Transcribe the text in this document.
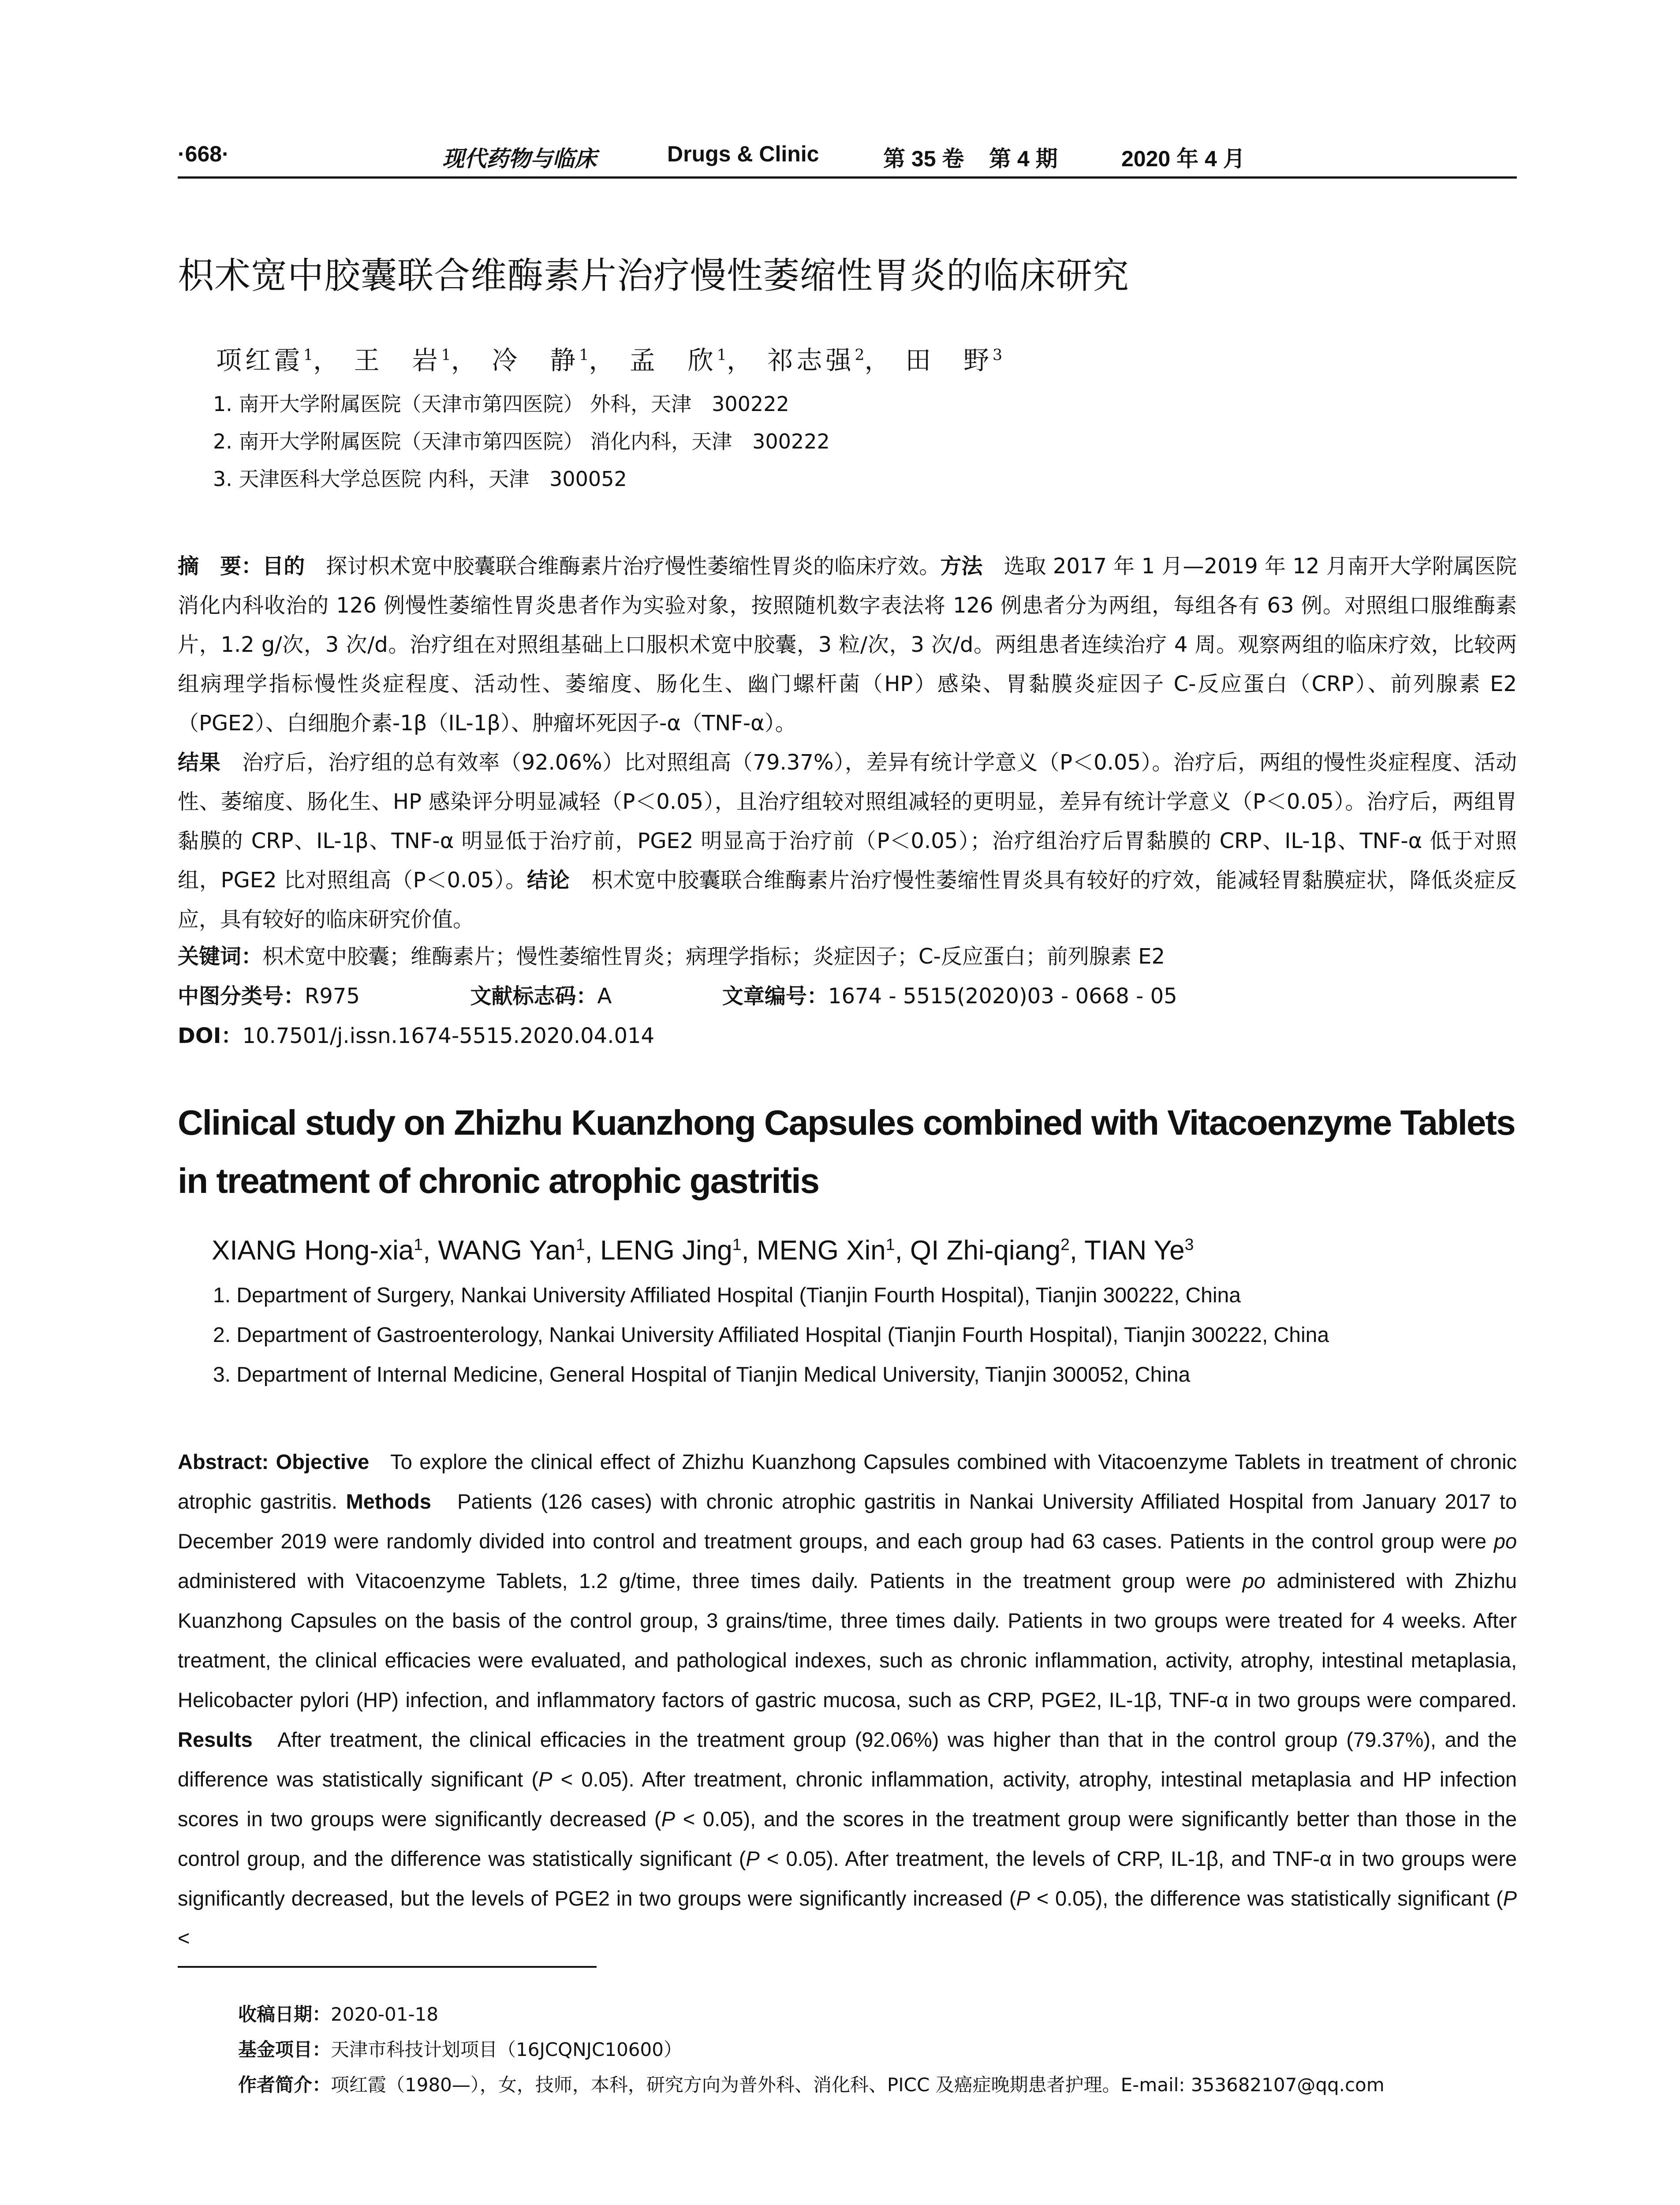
·668·	现代药物与临床	Drugs & Clinic	第 35 卷 第 4 期	2020 年 4 月
枳术宽中胶囊联合维酶素片治疗慢性萎缩性胃炎的临床研究
项红霞$^1$， 王　岩$^1$， 冷　静$^1$， 孟　欣$^1$， 祁志强$^2$， 田　野$^3$
1. 南开大学附属医院（天津市第四医院） 外科，天津　300222
2. 南开大学附属医院（天津市第四医院） 消化内科，天津　300222
3. 天津医科大学总医院 内科，天津　300052
摘　要：目的　 探讨枳术宽中胶囊联合维酶素片治疗慢性萎缩性胃炎的临床疗效。方法　 选取 2017 年 1 月—2019 年 12 月南开大学附属医院消化内科收治的 126 例慢性萎缩性胃炎患者作为实验对象，按照随机数字表法将 126 例患者分为两组，每组各有 63 例。对照组口服维酶素片，1.2 g/次，3 次/d。治疗组在对照组基础上口服枳术宽中胶囊，3 粒/次，3 次/d。两组患者连续治疗 4 周。观察两组的临床疗效，比较两组病理学指标慢性炎症程度、活动性、萎缩度、肠化生、幽门螺杆菌（HP）感染、胃黏膜炎症因子 C-反应蛋白（CRP）、前列腺素 E2（PGE2）、白细胞介素-1β（IL-1β）、肿瘤坏死因子-α（TNF-α）。
结果　 治疗后，治疗组的总有效率（92.06%）比对照组高（79.37%），差异有统计学意义（P＜0.05）。治疗后，两组的慢性炎症程度、活动性、萎缩度、肠化生、HP 感染评分明显减轻（P＜0.05），且治疗组较对照组减轻的更明显，差异有统计学意义（P＜0.05）。治疗后，两组胃黏膜的 CRP、IL-1β、TNF-α 明显低于治疗前，PGE2 明显高于治疗前（P＜0.05）；治疗组治疗后胃黏膜的 CRP、IL-1β、TNF-α 低于对照组，PGE2 比对照组高（P＜0.05）。结论　 枳术宽中胶囊联合维酶素片治疗慢性萎缩性胃炎具有较好的疗效，能减轻胃黏膜症状，降低炎症反应，具有较好的临床研究价值。
关键词：枳术宽中胶囊；维酶素片；慢性萎缩性胃炎；病理学指标；炎症因子；C-反应蛋白；前列腺素 E2
中图分类号：R975	文献标志码：A	文章编号：1674 - 5515(2020)03 - 0668 - 05
DOI：10.7501/j.issn.1674-5515.2020.04.014
Clinical study on Zhizhu Kuanzhong Capsules combined with Vitacoenzyme Tablets in treatment of chronic atrophic gastritis
XIANG Hong-xia$^1$, WANG Yan$^1$, LENG Jing$^1$, MENG Xin$^1$, QI Zhi-qiang$^2$, TIAN Ye$^3$
1. Department of Surgery, Nankai University Affiliated Hospital (Tianjin Fourth Hospital), Tianjin 300222, China
2. Department of Gastroenterology, Nankai University Affiliated Hospital (Tianjin Fourth Hospital), Tianjin 300222, China
3. Department of Internal Medicine, General Hospital of Tianjin Medical University, Tianjin 300052, China
Abstract: Objective To explore the clinical effect of Zhizhu Kuanzhong Capsules combined with Vitacoenzyme Tablets in treatment of chronic atrophic gastritis. Methods Patients (126 cases) with chronic atrophic gastritis in Nankai University Affiliated Hospital from January 2017 to December 2019 were randomly divided into control and treatment groups, and each group had 63 cases. Patients in the control group were po administered with Vitacoenzyme Tablets, 1.2 g/time, three times daily. Patients in the treatment group were po administered with Zhizhu Kuanzhong Capsules on the basis of the control group, 3 grains/time, three times daily. Patients in two groups were treated for 4 weeks. After treatment, the clinical efficacies were evaluated, and pathological indexes, such as chronic inflammation, activity, atrophy, intestinal metaplasia, Helicobacter pylori (HP) infection, and inflammatory factors of gastric mucosa, such as CRP, PGE2, IL-1β, TNF-α in two groups were compared. Results After treatment, the clinical efficacies in the treatment group (92.06%) was higher than that in the control group (79.37%), and the difference was statistically significant (P < 0.05). After treatment, chronic inflammation, activity, atrophy, intestinal metaplasia and HP infection scores in two groups were significantly decreased (P < 0.05), and the scores in the treatment group were significantly better than those in the control group, and the difference was statistically significant (P < 0.05). After treatment, the levels of CRP, IL-1β, and TNF-α in two groups were significantly decreased, but the levels of PGE2 in two groups were significantly increased (P < 0.05), the difference was statistically significant (P <
收稿日期：2020-01-18
基金项目：天津市科技计划项目（16JCQNJC10600）
作者简介：项红霞（1980—），女，技师，本科，研究方向为普外科、消化科、PICC 及癌症晚期患者护理。E-mail: 353682107@qq.com
